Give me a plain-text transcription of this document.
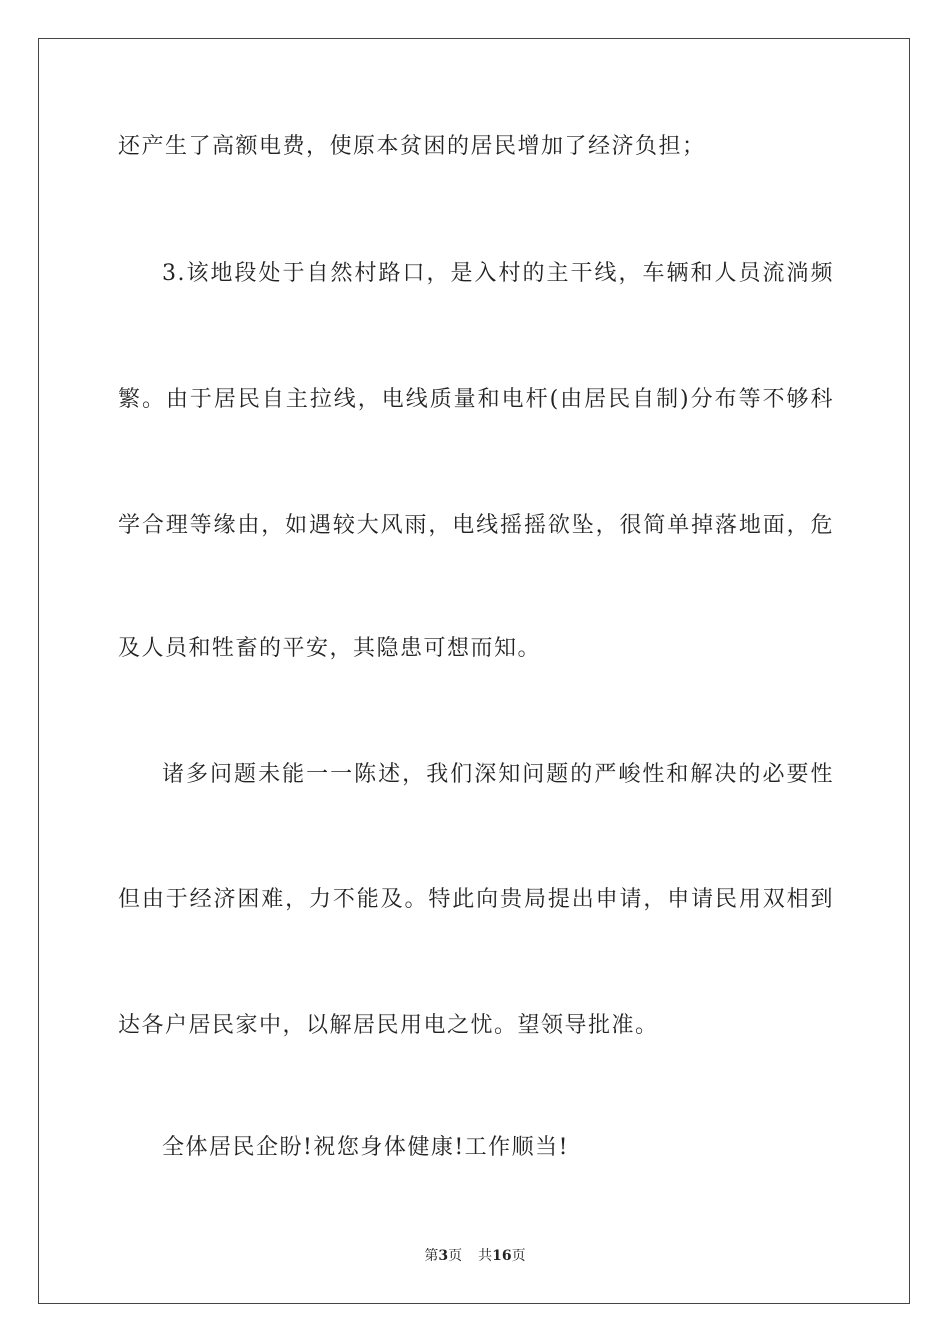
还产生了高额电费，使原本贫困的居民增加了经济负担；
3.该地段处于自然村路口，是入村的主干线，车辆和人员流淌频
繁。由于居民自主拉线，电线质量和电杆(由居民自制)分布等不够科
学合理等缘由，如遇较大风雨，电线摇摇欲坠，很简单掉落地面，危
及人员和牲畜的平安，其隐患可想而知。
诸多问题未能一一陈述，我们深知问题的严峻性和解决的必要性
但由于经济困难，力不能及。特此向贵局提出申请，申请民用双相到
达各户居民家中，以解居民用电之忧。望领导批准。
全体居民企盼!祝您身体健康!工作顺当!
第3页 共16页
